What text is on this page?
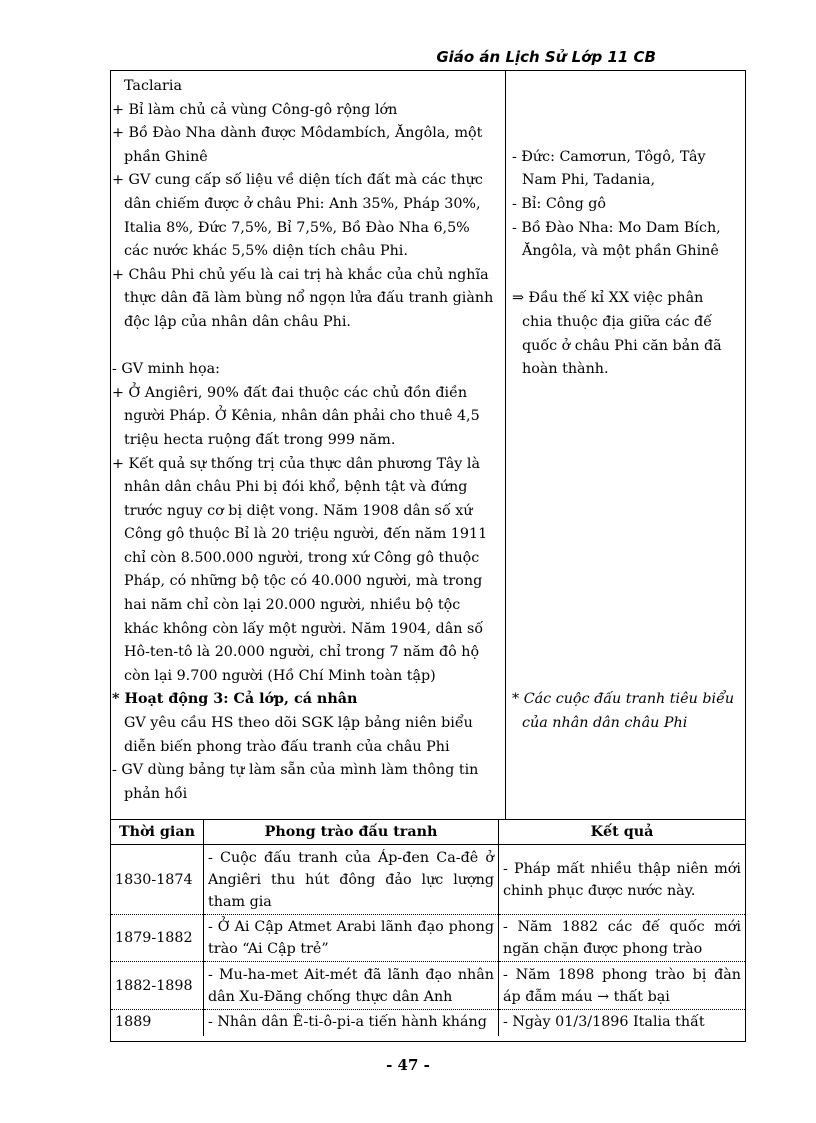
Giáo án Lịch Sử Lớp 11 CB
Taclaria
+ Bỉ làm chủ cả vùng Công-gô rộng lớn
+ Bồ Đào Nha dành được Môdambích, Ăngôla, một
phần Ghinê
+ GV cung cấp số liệu về diện tích đất mà các thực
dân chiếm được ở châu Phi: Anh 35%, Pháp 30%,
Italia 8%, Đức 7,5%, Bỉ 7,5%, Bồ Đào Nha 6,5%
các nước khác 5,5% diện tích châu Phi.
+ Châu Phi chủ yếu là cai trị hà khắc của chủ nghĩa
thực dân đã làm bùng nổ ngọn lửa đấu tranh giành
độc lập của nhân dân châu Phi.

- GV minh họa:
+ Ở Angiêri, 90% đất đai thuộc các chủ đồn điền
người Pháp. Ở Kênia, nhân dân phải cho thuê 4,5
triệu hecta ruộng đất trong 999 năm.
+ Kết quả sự thống trị của thực dân phương Tây là
nhân dân châu Phi bị đói khổ, bệnh tật và đứng
trước nguy cơ bị diệt vong. Năm 1908 dân số xứ
Công gô thuộc Bỉ là 20 triệu người, đến năm 1911
chỉ còn 8.500.000 người, trong xứ Công gô thuộc
Pháp, có những bộ tộc có 40.000 người, mà trong
hai năm chỉ còn lại 20.000 người, nhiều bộ tộc
khác không còn lấy một người. Năm 1904, dân số
Hô-ten-tô là 20.000 người, chỉ trong 7 năm đô hộ
còn lại 9.700 người (Hồ Chí Minh toàn tập)
* Hoạt động 3: Cả lớp, cá nhân
GV yêu cầu HS theo dõi SGK lập bảng niên biểu
diễn biến phong trào đấu tranh của châu Phi
- GV dùng bảng tự làm sẵn của mình làm thông tin
phản hồi

- Đức: Camơrun, Tôgô, Tây
Nam Phi, Tadania,
- Bỉ: Công gô
- Bồ Đào Nha: Mo Dam Bích,
Ăngôla, và một phần Ghinê

⇒ Đầu thế kỉ XX việc phân
chia thuộc địa giữa các đế
quốc ở châu Phi căn bản đã
hoàn thành.

* Các cuộc đấu tranh tiêu biểu
của nhân dân châu Phi
Thời gian	Phong trào đấu tranh	Kết quả
1830-1874	- Cuộc đấu tranh của Áp-đen Ca-đê ở Angiêri thu hút đông đảo lực lượng tham gia	- Pháp mất nhiều thập niên mới chinh phục được nước này.
1879-1882	- Ở Ai Cập Atmet Arabi lãnh đạo phong trào “Ai Cập trẻ”	- Năm 1882 các đế quốc mới ngăn chặn được phong trào
1882-1898	- Mu-ha-met Ait-mét đã lãnh đạo nhân dân Xu-Đăng chống thực dân Anh	- Năm 1898 phong trào bị đàn áp đẫm máu → thất bại
1889	- Nhân dân Ê-ti-ô-pi-a tiến hành kháng	- Ngày 01/3/1896 Italia thất
- 47 -
